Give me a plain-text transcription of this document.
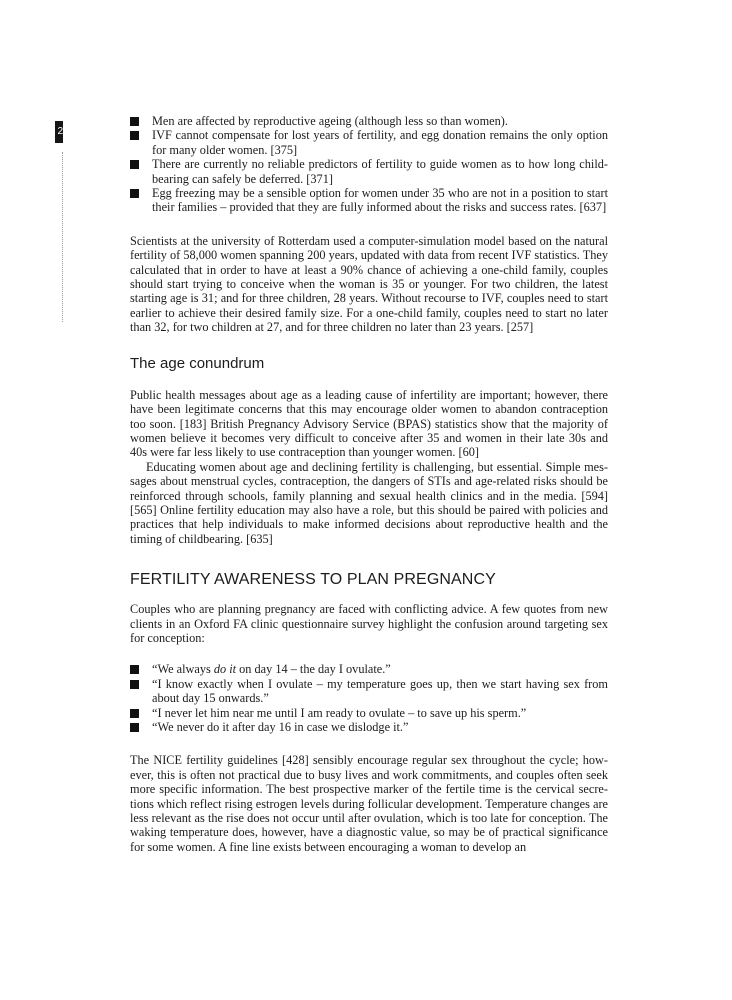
2
Men are affected by reproductive ageing (although less so than women).
IVF cannot compensate for lost years of fertility, and egg donation remains the only option for many older women. [375]
There are currently no reliable predictors of fertility to guide women as to how long childbearing can safely be deferred. [371]
Egg freezing may be a sensible option for women under 35 who are not in a position to start their families – provided that they are fully informed about the risks and success rates. [637]

Scientists at the university of Rotterdam used a computer-simulation model based on the natural fertility of 58,000 women spanning 200 years, updated with data from recent IVF statistics. They calculated that in order to have at least a 90% chance of achieving a one-child family, couples should start trying to conceive when the woman is 35 or younger. For two children, the latest starting age is 31; and for three children, 28 years. Without recourse to IVF, couples need to start earlier to achieve their desired family size. For a one-child family, couples need to start no later than 32, for two children at 27, and for three children no later than 23 years. [257]

The age conundrum

Public health messages about age as a leading cause of infertility are important; however, there have been legitimate concerns that this may encourage older women to abandon contraception too soon. [183] British Pregnancy Advisory Service (BPAS) statistics show that the majority of women believe it becomes very difficult to conceive after 35 and women in their late 30s and 40s were far less likely to use contraception than younger women. [60]

Educating women about age and declining fertility is challenging, but essential. Simple messages about menstrual cycles, contraception, the dangers of STIs and age-related risks should be reinforced through schools, family planning and sexual health clinics and in the media. [594] [565] Online fertility education may also have a role, but this should be paired with policies and practices that help individuals to make informed decisions about reproductive health and the timing of childbearing. [635]

FERTILITY AWARENESS TO PLAN PREGNANCY

Couples who are planning pregnancy are faced with conflicting advice. A few quotes from new clients in an Oxford FA clinic questionnaire survey highlight the confusion around targeting sex for conception:

“We always do it on day 14 – the day I ovulate.”
“I know exactly when I ovulate – my temperature goes up, then we start having sex from about day 15 onwards.”
“I never let him near me until I am ready to ovulate – to save up his sperm.”
“We never do it after day 16 in case we dislodge it.”

The NICE fertility guidelines [428] sensibly encourage regular sex throughout the cycle; however, this is often not practical due to busy lives and work commitments, and couples often seek more specific information. The best prospective marker of the fertile time is the cervical secretions which reflect rising estrogen levels during follicular development. Temperature changes are less relevant as the rise does not occur until after ovulation, which is too late for conception. The waking temperature does, however, have a diagnostic value, so may be of practical significance for some women. A fine line exists between encouraging a woman to develop an
